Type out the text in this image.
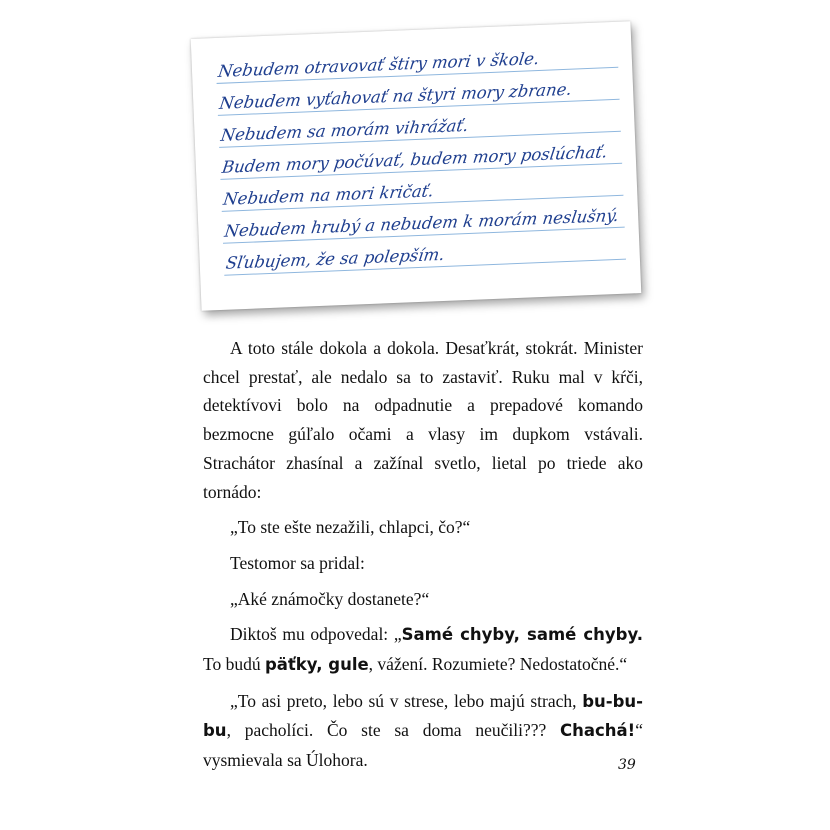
Nebudem otravovať štiry mori v škole.
Nebudem vyťahovať na štyri mory zbrane.
Nebudem sa morám vihrážať.
Budem mory počúvať, budem mory poslúchať.
Nebudem na mori kričať.
Nebudem hrubý a nebudem k morám neslušný.
Sľubujem, že sa polepším.

A toto stále dokola a dokola. Desaťkrát, stokrát. Minister chcel prestať, ale nedalo sa to zastaviť. Ruku mal v kŕči, detektívovi bolo na odpadnutie a prepadové komando bezmocne gúľalo očami a vlasy im dupkom vstávali. Strachátor zhasínal a zažínal svetlo, lietal po triede ako tornádo:

„To ste ešte nezažili, chlapci, čo?“

Testomor sa pridal:

„Aké známočky dostanete?“

Diktoš mu odpovedal: „Samé chyby, samé chyby. To budú päťky, gule, vážení. Rozumiete? Nedostatočné.“

„To asi preto, lebo sú v strese, lebo majú strach, bu-bu-bu, pacholíci. Čo ste sa doma neučili??? Chachá!“ vysmievala sa Úlohora.	39
